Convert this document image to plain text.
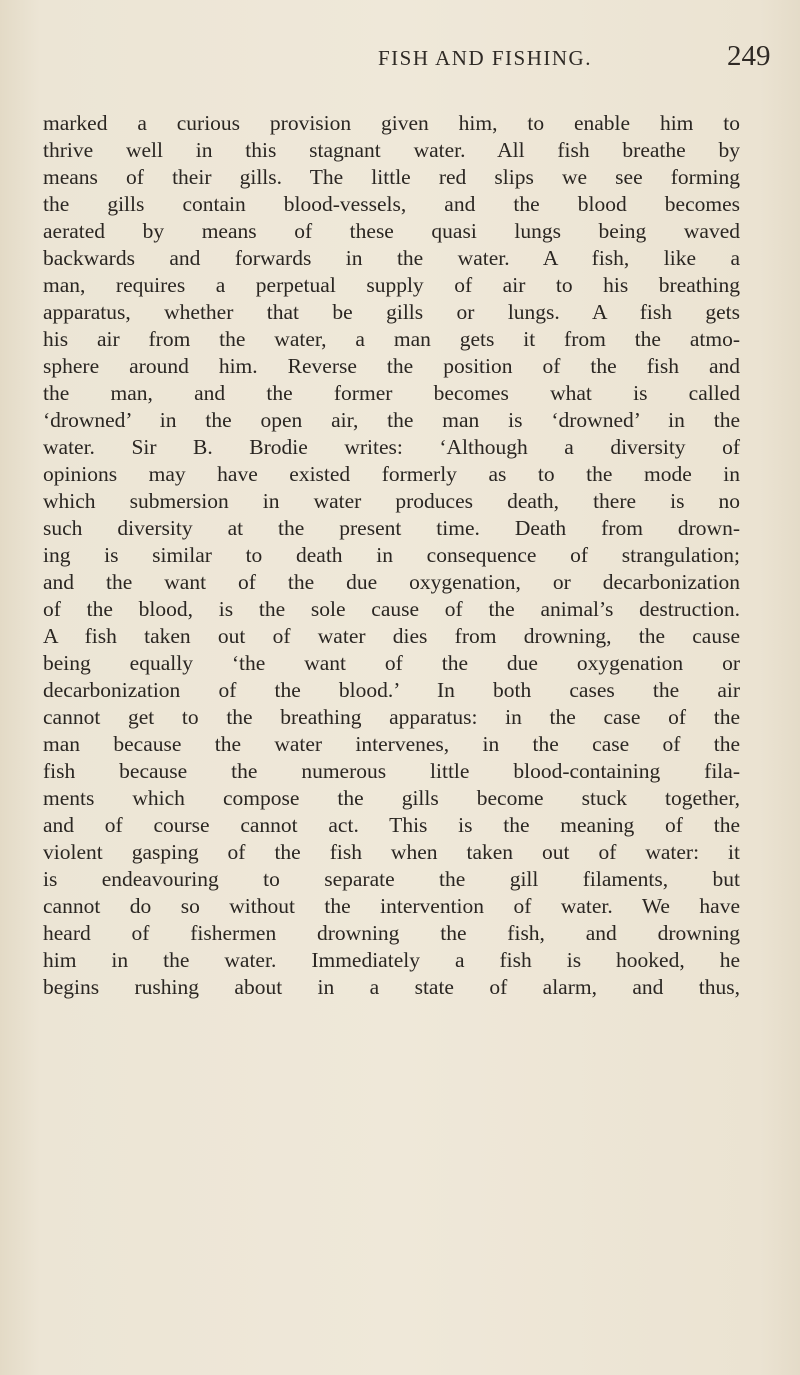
FISH AND FISHING.	249
marked a curious provision given him, to enable him to
thrive well in this stagnant water. All fish breathe by
means of their gills. The little red slips we see forming
the gills contain blood-vessels, and the blood becomes
aerated by means of these quasi lungs being waved
backwards and forwards in the water. A fish, like a
man, requires a perpetual supply of air to his breathing
apparatus, whether that be gills or lungs. A fish gets
his air from the water, a man gets it from the atmo-
sphere around him. Reverse the position of the fish and
the man, and the former becomes what is called
‘drowned’ in the open air, the man is ‘drowned’ in the
water. Sir B. Brodie writes: ‘Although a diversity of
opinions may have existed formerly as to the mode in
which submersion in water produces death, there is no
such diversity at the present time. Death from drown-
ing is similar to death in consequence of strangulation;
and the want of the due oxygenation, or decarbonization
of the blood, is the sole cause of the animal’s destruction.
A fish taken out of water dies from drowning, the cause
being equally ‘the want of the due oxygenation or
decarbonization of the blood.’ In both cases the air
cannot get to the breathing apparatus: in the case of the
man because the water intervenes, in the case of the
fish because the numerous little blood-containing fila-
ments which compose the gills become stuck together,
and of course cannot act. This is the meaning of the
violent gasping of the fish when taken out of water: it
is endeavouring to separate the gill filaments, but
cannot do so without the intervention of water. We have
heard of fishermen drowning the fish, and drowning
him in the water. Immediately a fish is hooked, he
begins rushing about in a state of alarm, and thus,
